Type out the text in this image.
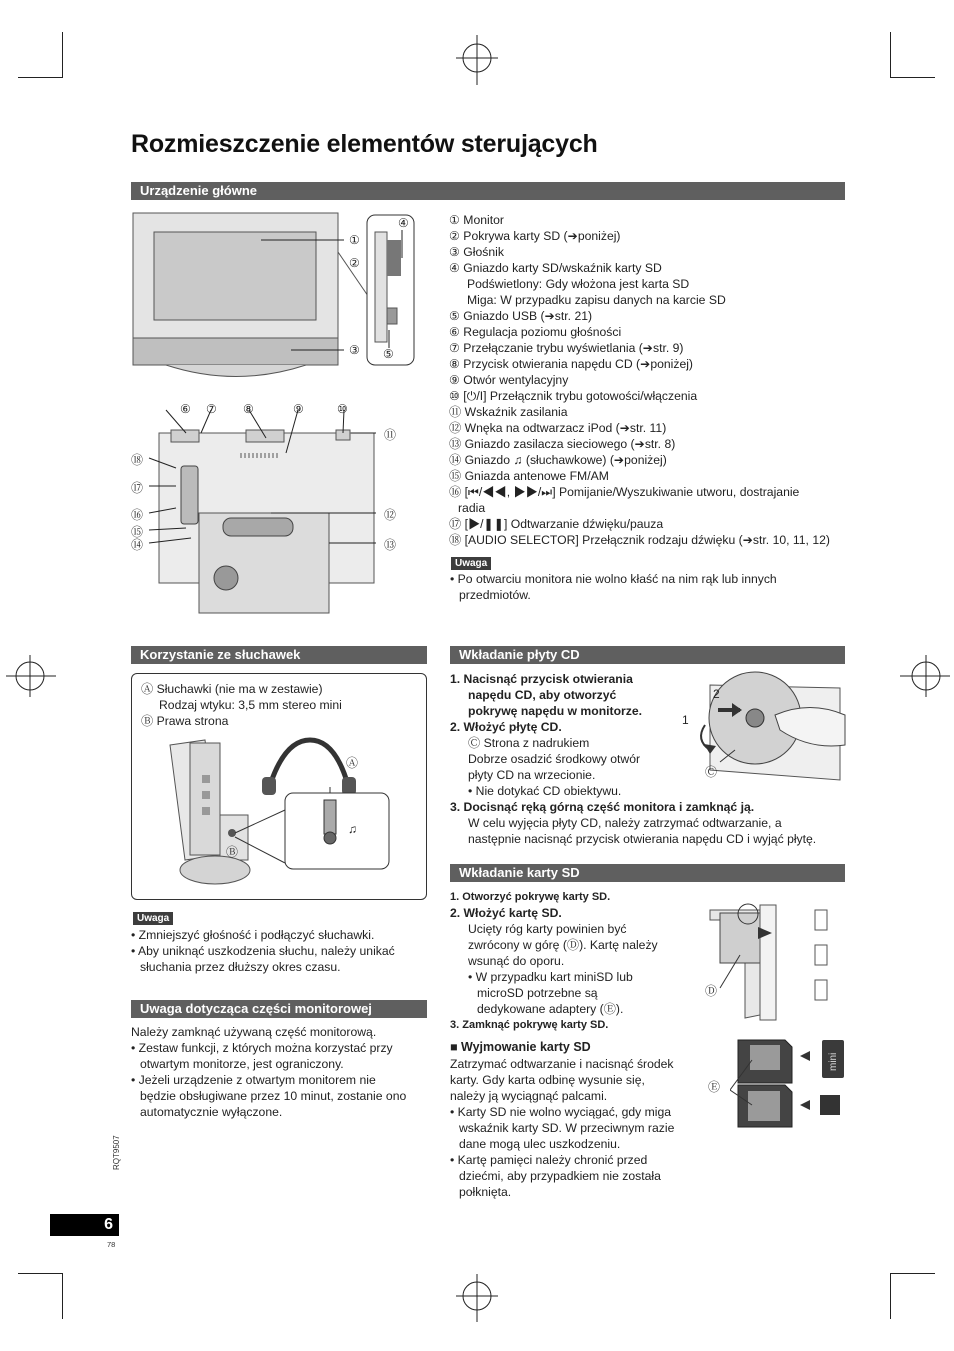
Rozmieszczenie elementów sterujących
Urządzenie główne
①
②
③
④
⑤
⑥ ⑦ ⑧	⑨	⑩
⑪
⑫
⑬
⑱
⑰
⑯
⑮
⑭
① Monitor
② Pokrywa karty SD (➔poniżej)
③ Głośnik
④ Gniazdo karty SD/wskaźnik karty SD
Podświetlony: Gdy włożona jest karta SD
Miga: W przypadku zapisu danych na karcie SD
⑤ Gniazdo USB (➔str. 21)
⑥ Regulacja poziomu głośności
⑦ Przełączanie trybu wyświetlania (➔str. 9)
⑧ Przycisk otwierania napędu CD (➔poniżej)
⑨ Otwór wentylacyjny
⑩ [⏻/I] Przełącznik trybu gotowości/włączenia
⑪ Wskaźnik zasilania
⑫ Wnęka na odtwarzacz iPod (➔str. 11)
⑬ Gniazdo zasilacza sieciowego (➔str. 8)
⑭ Gniazdo ♫ (słuchawkowe) (➔poniżej)
⑮ Gniazda antenowe FM/AM
⑯ [⏮/◀◀, ▶▶/⏭] Pomijanie/Wyszukiwanie utworu, dostrajanie
radia
⑰ [▶/❚❚] Odtwarzanie dźwięku/pauza
⑱ [AUDIO SELECTOR] Przełącznik rodzaju dźwięku (➔str. 10, 11, 12)
Uwaga
• Po otwarciu monitora nie wolno kłaść na nim rąk lub innych
przedmiotów.
Korzystanie ze słuchawek
Ⓐ Słuchawki (nie ma w zestawie)
Rodzaj wtyku: 3,5 mm stereo mini
Ⓑ Prawa strona
Ⓐ
Ⓑ
♫
Uwaga
• Zmniejszyć głośność i podłączyć słuchawki.
• Aby uniknąć uszkodzenia słuchu, należy unikać
słuchania przez dłuższy okres czasu.
Uwaga dotycząca części monitorowej
Należy zamknąć używaną część monitorową.
• Zestaw funkcji, z których można korzystać przy
otwartym monitorze, jest ograniczony.
• Jeżeli urządzenie z otwartym monitorem nie
będzie obsługiwane przez 10 minut, zostanie ono
automatycznie wyłączone.
Wkładanie płyty CD
1. Nacisnąć przycisk otwierania
napędu CD, aby otworzyć
pokrywę napędu w monitorze.
2. Włożyć płytę CD.
Ⓒ Strona z nadrukiem
Dobrze osadzić środkowy otwór
płyty CD na wrzecionie.
• Nie dotykać CD obiektywu.
3. Docisnąć ręką górną część monitora i zamknąć ją.
W celu wyjęcia płyty CD, należy zatrzymać odtwarzanie, a
następnie nacisnąć przycisk otwierania napędu CD i wyjąć płytę.
2
1
Ⓒ
Wkładanie karty SD
1. Otworzyć pokrywę karty SD.
2. Włożyć kartę SD.
Ucięty róg karty powinien być
zwrócony w górę (Ⓓ). Kartę należy
wsunąć do oporu.
• W przypadku kart miniSD lub
microSD potrzebne są
dedykowane adaptery (Ⓔ).
3. Zamknąć pokrywę karty SD.
Ⓓ
■ Wyjmowanie karty SD
Zatrzymać odtwarzanie i nacisnąć środek
karty. Gdy karta odbinę wysunie się,
należy ją wyciągnąć palcami.
• Karty SD nie wolno wyciągać, gdy miga
wskaźnik karty SD. W przeciwnym razie
dane mogą ulec uszkodzeniu.
• Kartę pamięci należy chronić przed
dziećmi, aby przypadkiem nie została
połknięta.
mini
Ⓔ
RQT9507
6
78
